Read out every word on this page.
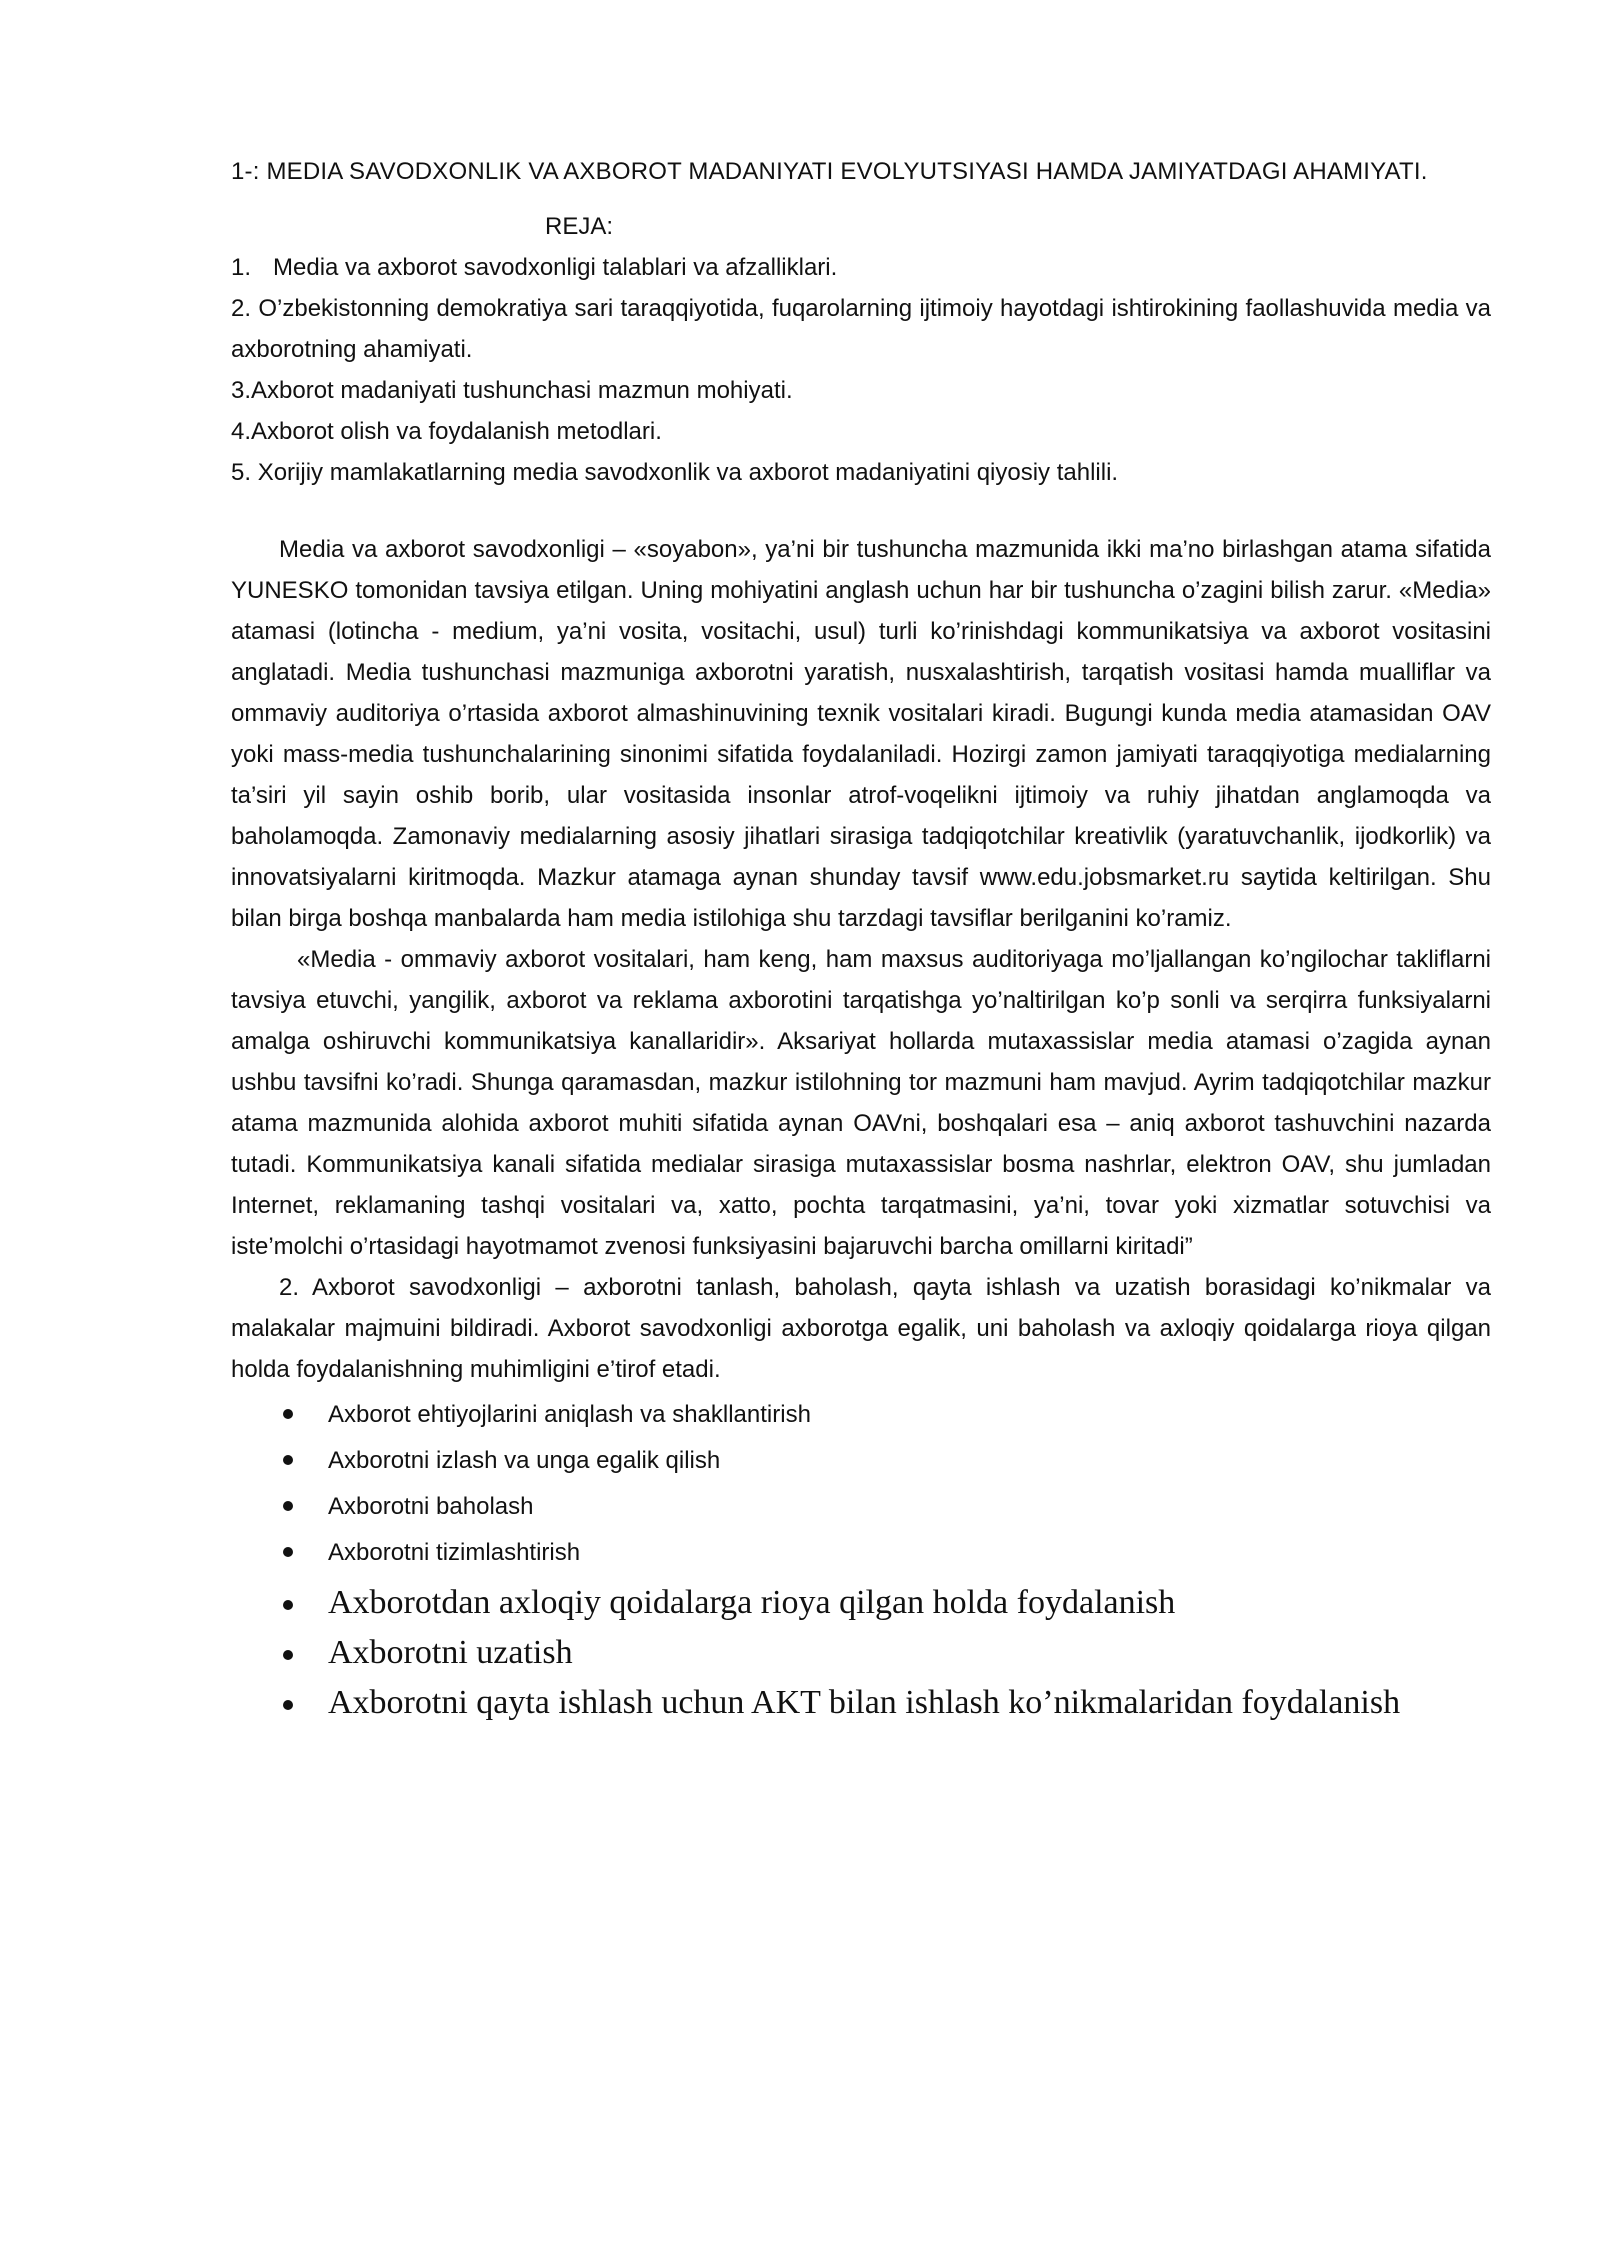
1-: MEDIA SAVODXONLIK VA AXBOROT MADANIYATI EVOLYUTSIYASI HAMDA JAMIYATDAGI AHAMIYATI.

REJA:
1. Media va axborot savodxonligi talablari va afzalliklari.
2. O’zbekistonning demokratiya sari taraqqiyotida, fuqarolarning ijtimoiy hayotdagi ishtirokining faollashuvida media va axborotning ahamiyati.
3.Axborot madaniyati tushunchasi mazmun mohiyati.
4.Axborot olish va foydalanish metodlari.
5. Xorijiy mamlakatlarning media savodxonlik va axborot madaniyatini qiyosiy tahlili.

Media va axborot savodxonligi – «soyabon», ya’ni bir tushuncha mazmunida ikki ma’no birlashgan atama sifatida YUNESKO tomonidan tavsiya etilgan. Uning mohiyatini anglash uchun har bir tushuncha o’zagini bilish zarur. «Media» atamasi (lotincha - medium, ya’ni vosita, vositachi, usul) turli ko’rinishdagi kommunikatsiya va axborot vositasini anglatadi. Media tushunchasi mazmuniga axborotni yaratish, nusxalashtirish, tarqatish vositasi hamda mualliflar va ommaviy auditoriya o’rtasida axborot almashinuvining texnik vositalari kiradi. Bugungi kunda media atamasidan OAV yoki mass-media tushunchalarining sinonimi sifatida foydalaniladi. Hozirgi zamon jamiyati taraqqiyotiga medialarning ta’siri yil sayin oshib borib, ular vositasida insonlar atrof-voqelikni ijtimoiy va ruhiy jihatdan anglamoqda va baholamoqda. Zamonaviy medialarning asosiy jihatlari sirasiga tadqiqotchilar kreativlik (yaratuvchanlik, ijodkorlik) va innovatsiyalarni kiritmoqda. Mazkur atamaga aynan shunday tavsif www.edu.jobsmarket.ru saytida keltirilgan. Shu bilan birga boshqa manbalarda ham media istilohiga shu tarzdagi tavsiflar berilganini ko’ramiz.

«Media - ommaviy axborot vositalari, ham keng, ham maxsus auditoriyaga mo’ljallangan ko’ngilochar takliflarni tavsiya etuvchi, yangilik, axborot va reklama axborotini tarqatishga yo’naltirilgan ko’p sonli va serqirra funksiyalarni amalga oshiruvchi kommunikatsiya kanallaridir». Aksariyat hollarda mutaxassislar media atamasi o’zagida aynan ushbu tavsifni ko’radi. Shunga qaramasdan, mazkur istilohning tor mazmuni ham mavjud. Ayrim tadqiqotchilar mazkur atama mazmunida alohida axborot muhiti sifatida aynan OAVni, boshqalari esa – aniq axborot tashuvchini nazarda tutadi. Kommunikatsiya kanali sifatida medialar sirasiga mutaxassislar bosma nashrlar, elektron OAV, shu jumladan Internet, reklamaning tashqi vositalari va, xatto, pochta tarqatmasini, ya’ni, tovar yoki xizmatlar sotuvchisi va iste’molchi o’rtasidagi hayotmamot zvenosi funksiyasini bajaruvchi barcha omillarni kiritadi”

2. Axborot savodxonligi – axborotni tanlash, baholash, qayta ishlash va uzatish borasidagi ko’nikmalar va malakalar majmuini bildiradi. Axborot savodxonligi axborotga egalik, uni baholash va axloqiy qoidalarga rioya qilgan holda foydalanishning muhimligini e’tirof etadi.

Axborot ehtiyojlarini aniqlash va shakllantirish
Axborotni izlash va unga egalik qilish
Axborotni baholash
Axborotni tizimlashtirish
Axborotdan axloqiy qoidalarga rioya qilgan holda foydalanish
Axborotni uzatish
Axborotni qayta ishlash uchun AKT bilan ishlash ko’nikmalaridan foydalanish
